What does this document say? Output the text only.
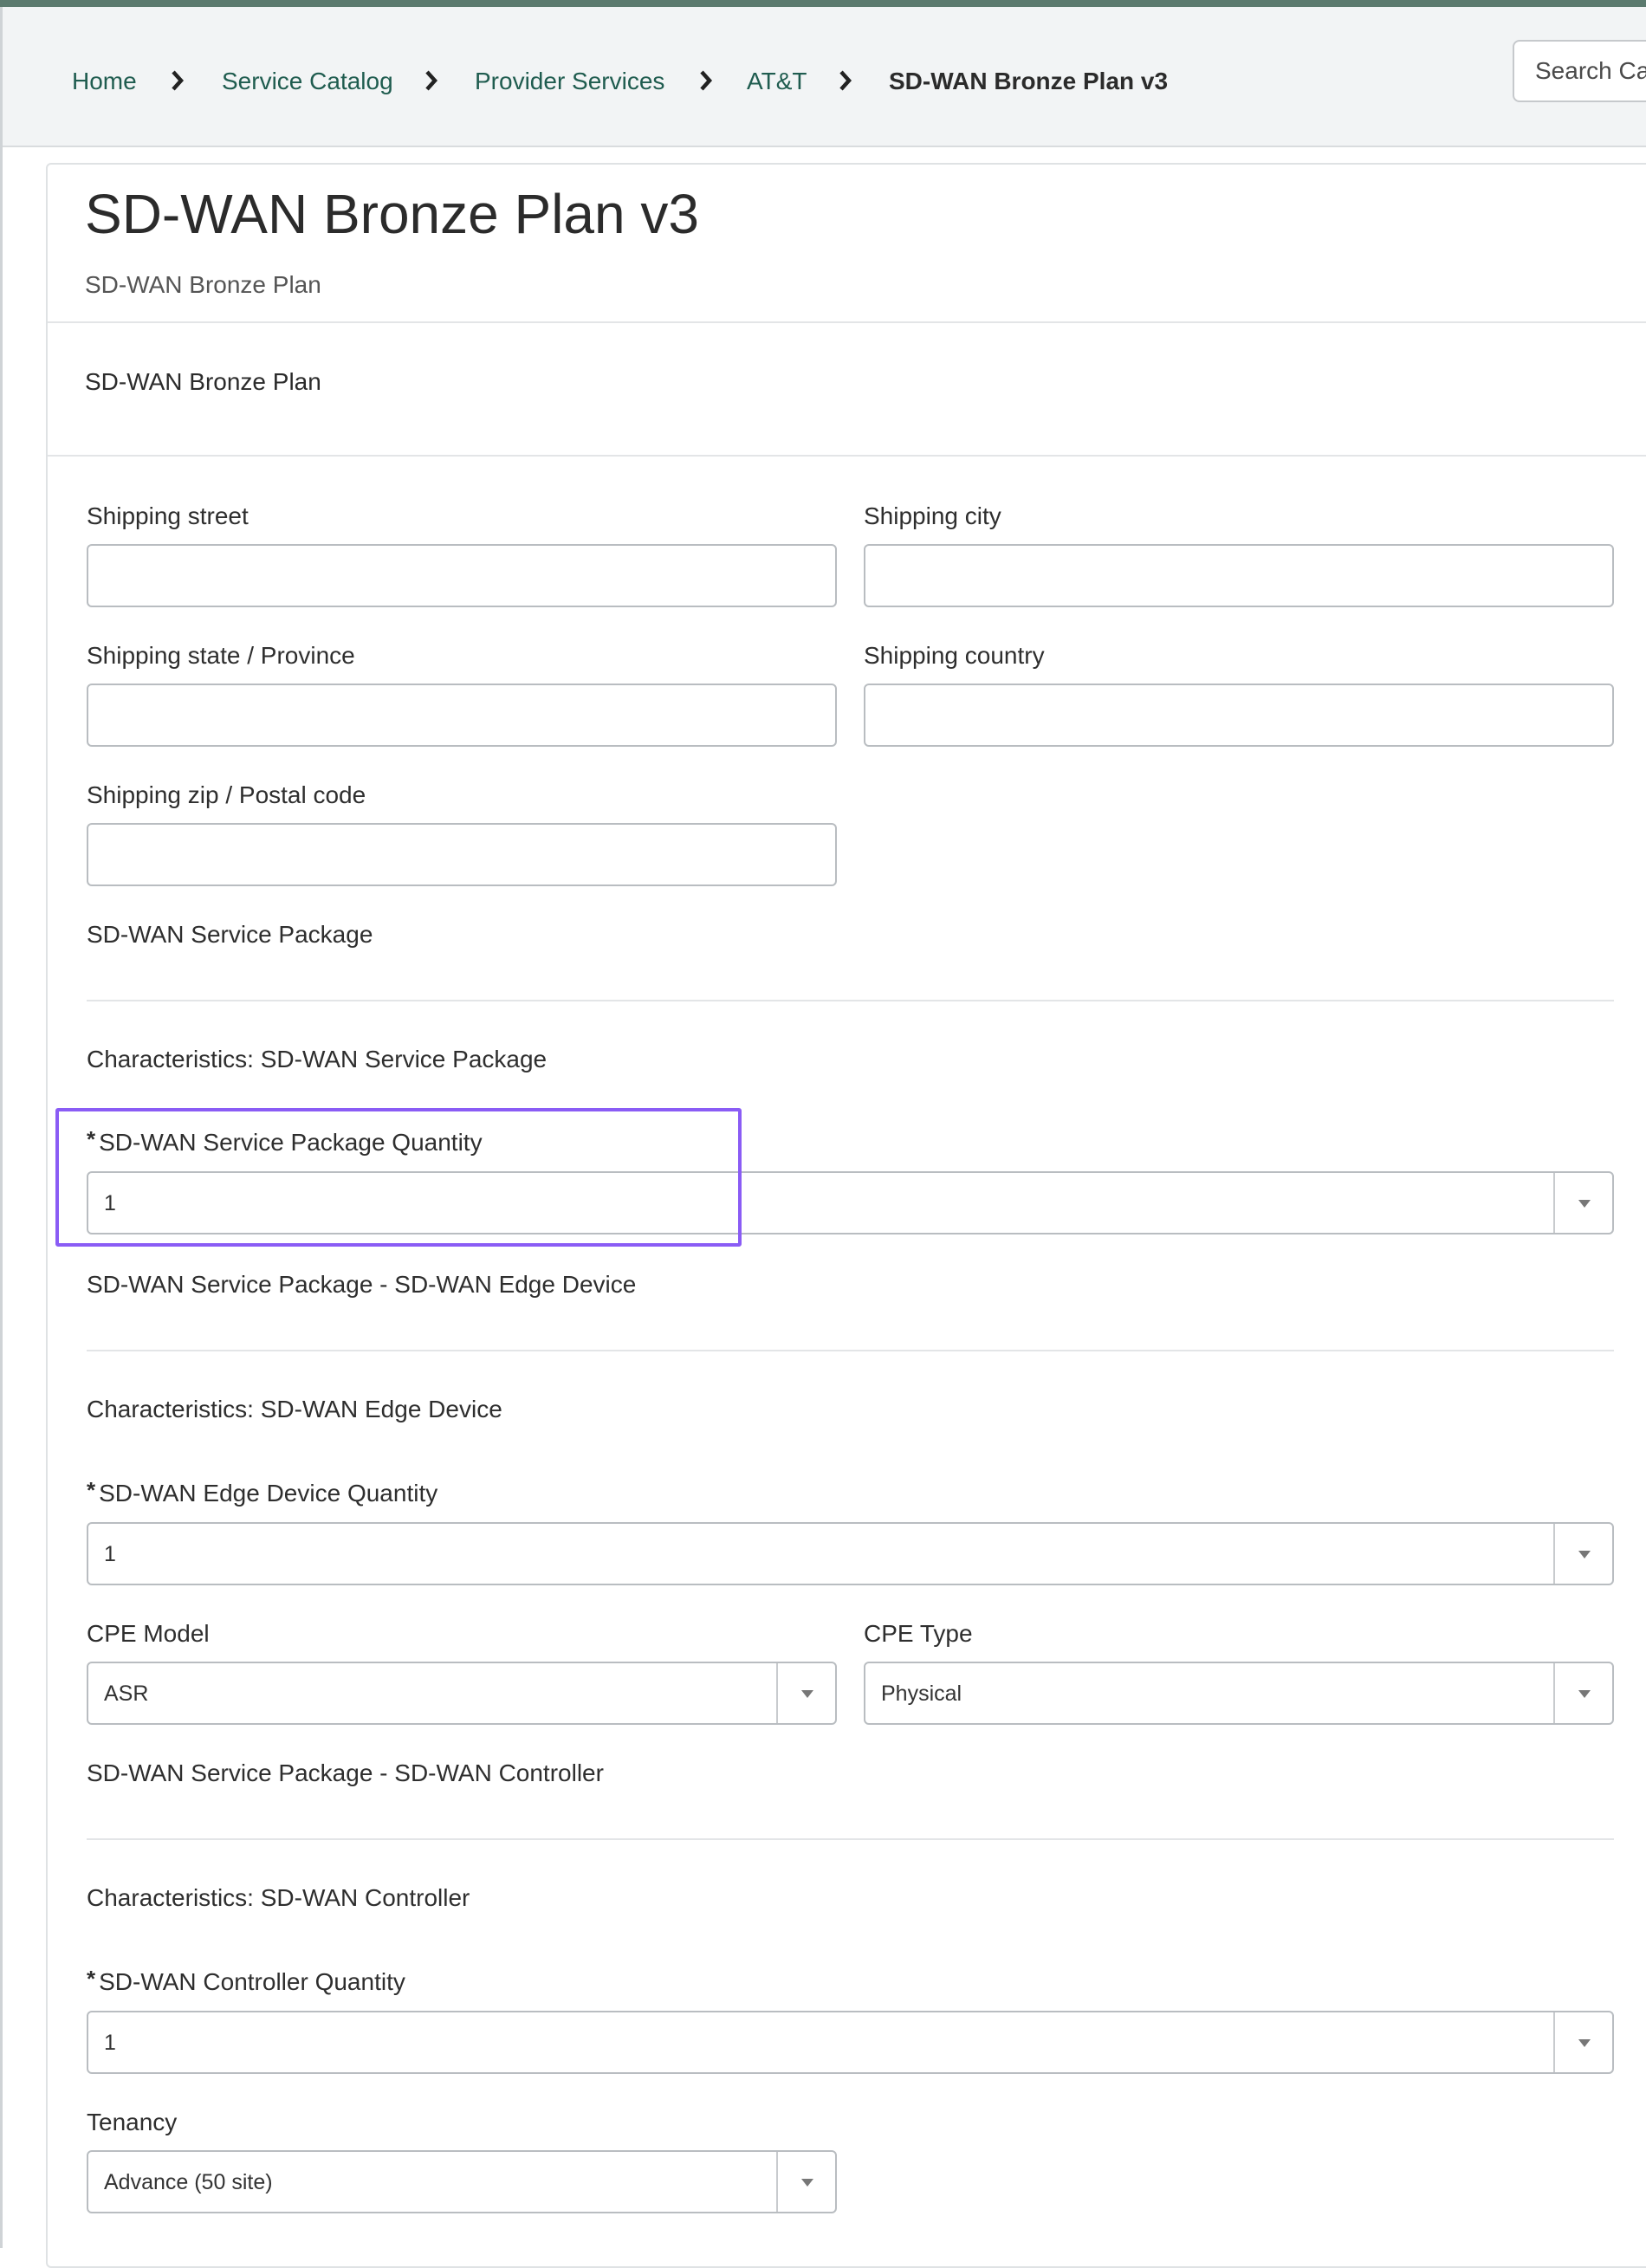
Home	Service Catalog	Provider Services	AT&T	SD-WAN Bronze Plan v3
Search Catalog
SD-WAN Bronze Plan v3
SD-WAN Bronze Plan
SD-WAN Bronze Plan
Shipping street	Shipping city
Shipping state / Province	Shipping country
Shipping zip / Postal code
SD-WAN Service Package
Characteristics: SD-WAN Service Package
* SD-WAN Service Package Quantity
1
SD-WAN Service Package - SD-WAN Edge Device
Characteristics: SD-WAN Edge Device
* SD-WAN Edge Device Quantity
1
CPE Model
ASR
CPE Type
Physical
SD-WAN Service Package - SD-WAN Controller
Characteristics: SD-WAN Controller
* SD-WAN Controller Quantity
1
Tenancy
Advance (50 site)
